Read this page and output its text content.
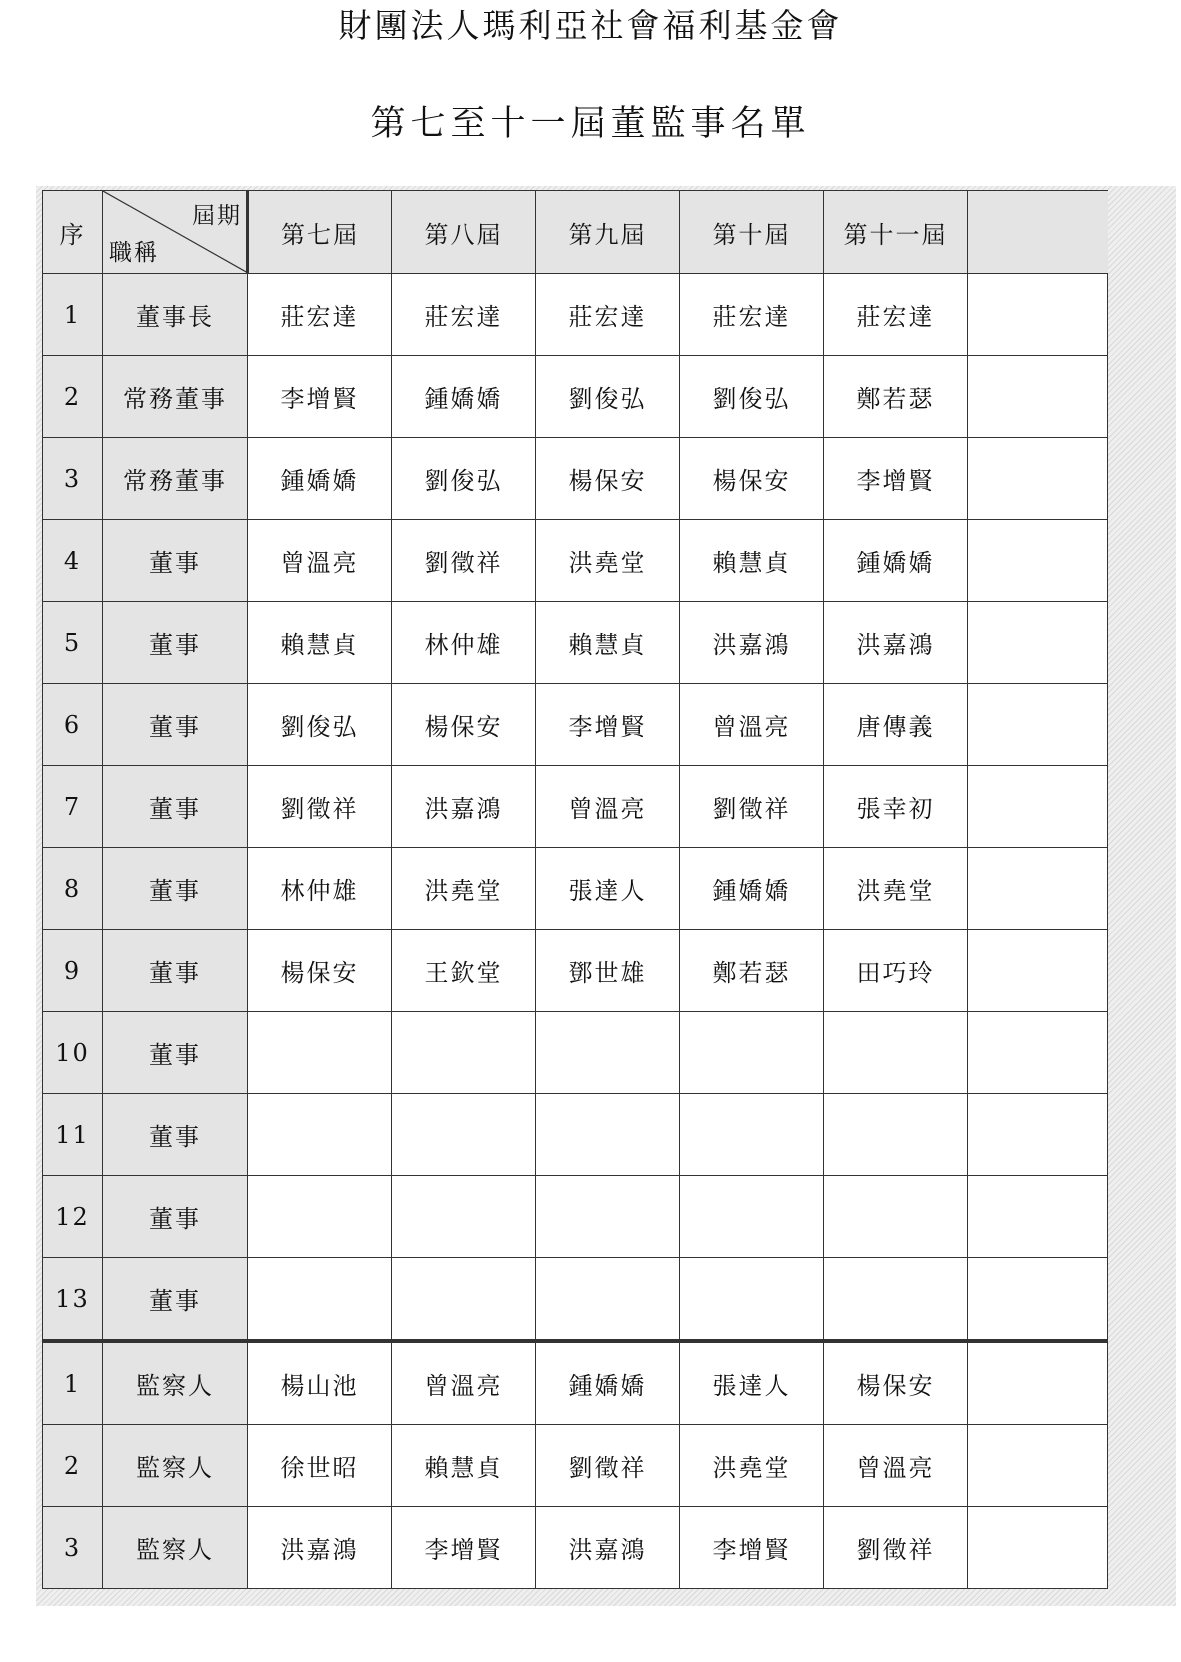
財團法人瑪利亞社會福利基金會
第七至十一屆董監事名單
序	屆期
職稱	第七屆	第八屆	第九屆	第十屆	第十一屆	
1	董事長	莊宏達	莊宏達	莊宏達	莊宏達	莊宏達	
2	常務董事	李增賢	鍾嬌嬌	劉俊弘	劉俊弘	鄭若瑟	
3	常務董事	鍾嬌嬌	劉俊弘	楊保安	楊保安	李增賢	
4	董事	曾溫亮	劉徵祥	洪堯堂	賴慧貞	鍾嬌嬌	
5	董事	賴慧貞	林仲雄	賴慧貞	洪嘉鴻	洪嘉鴻	
6	董事	劉俊弘	楊保安	李增賢	曾溫亮	唐傳義	
7	董事	劉徵祥	洪嘉鴻	曾溫亮	劉徵祥	張幸初	
8	董事	林仲雄	洪堯堂	張達人	鍾嬌嬌	洪堯堂	
9	董事	楊保安	王欽堂	鄧世雄	鄭若瑟	田巧玲	
10	董事						
11	董事						
12	董事						
13	董事						
1	監察人	楊山池	曾溫亮	鍾嬌嬌	張達人	楊保安	
2	監察人	徐世昭	賴慧貞	劉徵祥	洪堯堂	曾溫亮	
3	監察人	洪嘉鴻	李增賢	洪嘉鴻	李增賢	劉徵祥	
